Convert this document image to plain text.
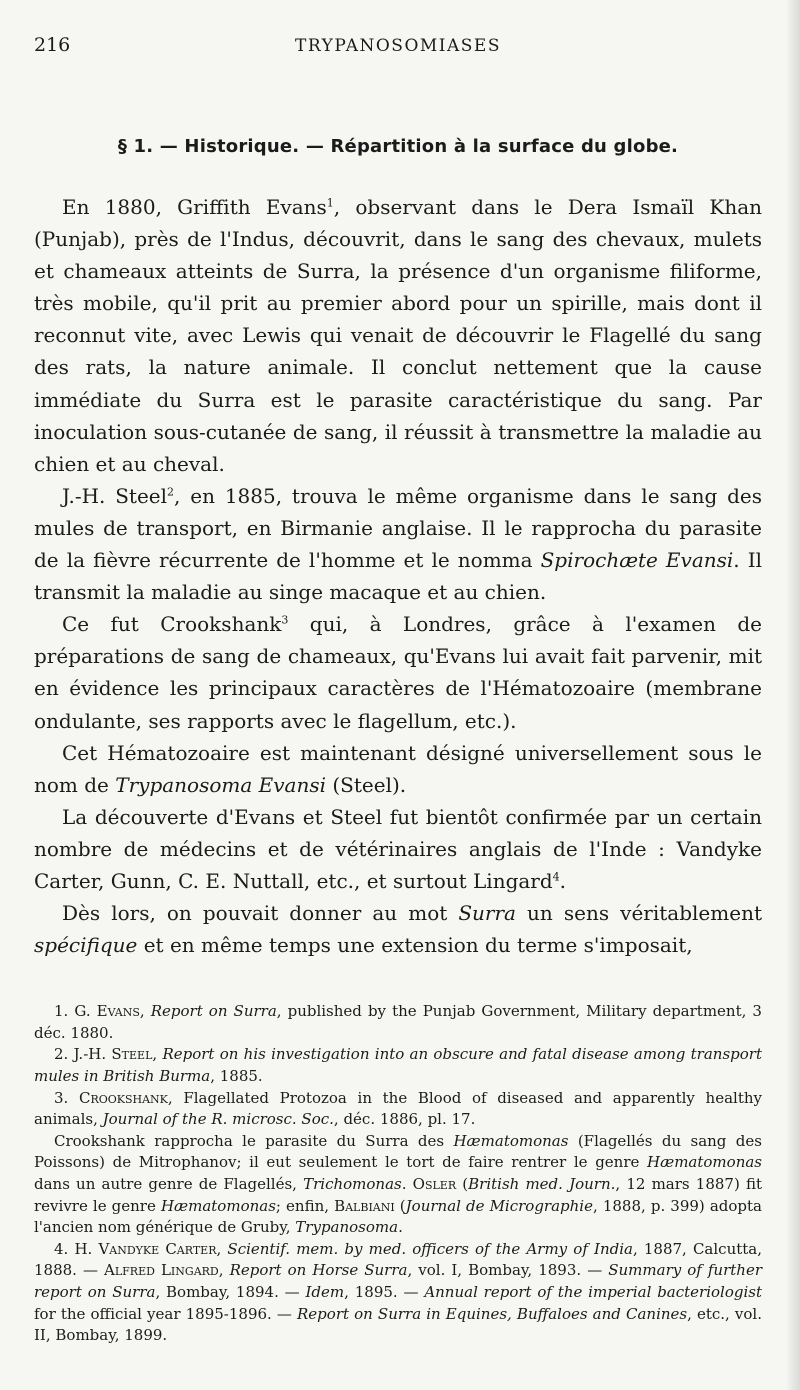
216	TRYPANOSOMIASES
§ 1. — Historique. — Répartition à la surface du globe.

En 1880, Griffith Evans$^1$, observant dans le Dera Ismaïl Khan (Punjab), près de l'Indus, découvrit, dans le sang des chevaux, mulets et chameaux atteints de Surra, la présence d'un organisme filiforme, très mobile, qu'il prit au premier abord pour un spirille, mais dont il reconnut vite, avec Lewis qui venait de découvrir le Flagellé du sang des rats, la nature animale. Il conclut nettement que la cause immédiate du Surra est le parasite caractéristique du sang. Par inoculation sous-cutanée de sang, il réussit à transmettre la maladie au chien et au cheval.

J.-H. Steel$^2$, en 1885, trouva le même organisme dans le sang des mules de transport, en Birmanie anglaise. Il le rapprocha du parasite de la fièvre récurrente de l'homme et le nomma Spirochæte Evansi. Il transmit la maladie au singe macaque et au chien.

Ce fut Crookshank$^3$ qui, à Londres, grâce à l'examen de préparations de sang de chameaux, qu'Evans lui avait fait parvenir, mit en évidence les principaux caractères de l'Hématozoaire (membrane ondulante, ses rapports avec le flagellum, etc.).

Cet Hématozoaire est maintenant désigné universellement sous le nom de Trypanosoma Evansi (Steel).

La découverte d'Evans et Steel fut bientôt confirmée par un certain nombre de médecins et de vétérinaires anglais de l'Inde : Vandyke Carter, Gunn, C. E. Nuttall, etc., et surtout Lingard$^4$.

Dès lors, on pouvait donner au mot Surra un sens véritablement spécifique et en même temps une extension du terme s'imposait,

1. G. Evans, Report on Surra, published by the Punjab Government, Military department, 3 déc. 1880.

2. J.-H. Steel, Report on his investigation into an obscure and fatal disease among transport mules in British Burma, 1885.

3. Crookshank, Flagellated Protozoa in the Blood of diseased and apparently healthy animals, Journal of the R. microsc. Soc., déc. 1886, pl. 17.

Crookshank rapprocha le parasite du Surra des Hæmatomonas (Flagellés du sang des Poissons) de Mitrophanov; il eut seulement le tort de faire rentrer le genre Hæmatomonas dans un autre genre de Flagellés, Trichomonas. Osler (British med. Journ., 12 mars 1887) fit revivre le genre Hæmatomonas; enfin, Balbiani (Journal de Micrographie, 1888, p. 399) adopta l'ancien nom générique de Gruby, Trypanosoma.

4. H. Vandyke Carter, Scientif. mem. by med. officers of the Army of India, 1887, Calcutta, 1888. — Alfred Lingard, Report on Horse Surra, vol. I, Bombay, 1893. — Summary of further report on Surra, Bombay, 1894. — Idem, 1895. — Annual report of the imperial bacteriologist for the official year 1895-1896. — Report on Surra in Equines, Buffaloes and Canines, etc., vol. II, Bombay, 1899.
